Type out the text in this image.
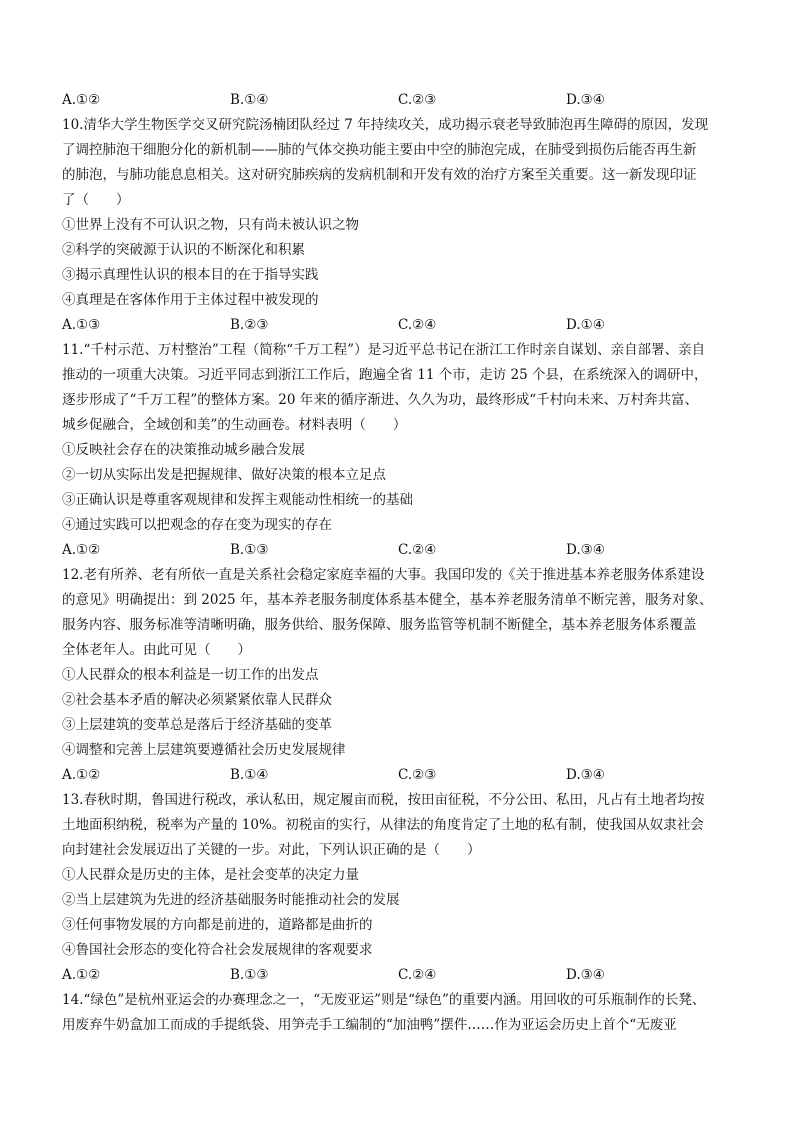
A.①②	B.①④	C.②③	D.③④
10.清华大学生物医学交叉研究院汤楠团队经过 7 年持续攻关，成功揭示衰老导致肺泡再生障碍的原因，发现
了调控肺泡干细胞分化的新机制——肺的气体交换功能主要由中空的肺泡完成，在肺受到损伤后能否再生新
的肺泡，与肺功能息息相关。这对研究肺疾病的发病机制和开发有效的治疗方案至关重要。这一新发现印证
了（　　）
①世界上没有不可认识之物，只有尚未被认识之物
②科学的突破源于认识的不断深化和积累
③揭示真理性认识的根本目的在于指导实践
④真理是在客体作用于主体过程中被发现的
A.①③	B.②③	C.②④	D.①④
11.“千村示范、万村整治”工程（简称“千万工程”）是习近平总书记在浙江工作时亲自谋划、亲自部署、亲自
推动的一项重大决策。习近平同志到浙江工作后，跑遍全省 11 个市，走访 25 个县，在系统深入的调研中，
逐步形成了“千万工程”的整体方案。20 年来的循序渐进、久久为功，最终形成“千村向未来、万村奔共富、
城乡促融合，全域创和美”的生动画卷。材料表明（　　）
①反映社会存在的决策推动城乡融合发展
②一切从实际出发是把握规律、做好决策的根本立足点
③正确认识是尊重客观规律和发挥主观能动性相统一的基础
④通过实践可以把观念的存在变为现实的存在
A.①②	B.①③	C.②④	D.③④
12.老有所养、老有所依一直是关系社会稳定家庭幸福的大事。我国印发的《关于推进基本养老服务体系建设
的意见》明确提出：到 2025 年，基本养老服务制度体系基本健全，基本养老服务清单不断完善，服务对象、
服务内容、服务标准等清晰明确，服务供给、服务保障、服务监管等机制不断健全，基本养老服务体系覆盖
全体老年人。由此可见（　　）
①人民群众的根本利益是一切工作的出发点
②社会基本矛盾的解决必须紧紧依靠人民群众
③上层建筑的变革总是落后于经济基础的变革
④调整和完善上层建筑要遵循社会历史发展规律
A.①②	B.①④	C.②③	D.③④
13.春秋时期，鲁国进行税改，承认私田，规定履亩而税，按田亩征税，不分公田、私田，凡占有土地者均按
土地面积纳税，税率为产量的 10%。初税亩的实行，从律法的角度肯定了土地的私有制，使我国从奴隶社会
向封建社会发展迈出了关键的一步。对此，下列认识正确的是（　　）
①人民群众是历史的主体，是社会变革的决定力量
②当上层建筑为先进的经济基础服务时能推动社会的发展
③任何事物发展的方向都是前进的，道路都是曲折的
④鲁国社会形态的变化符合社会发展规律的客观要求
A.①②	B.①③	C.②④	D.③④
14.“绿色”是杭州亚运会的办赛理念之一，“无废亚运”则是“绿色”的重要内涵。用回收的可乐瓶制作的长凳、
用废弃牛奶盒加工而成的手提纸袋、用笋壳手工编制的“加油鸭”摆件……作为亚运会历史上首个“无废亚
